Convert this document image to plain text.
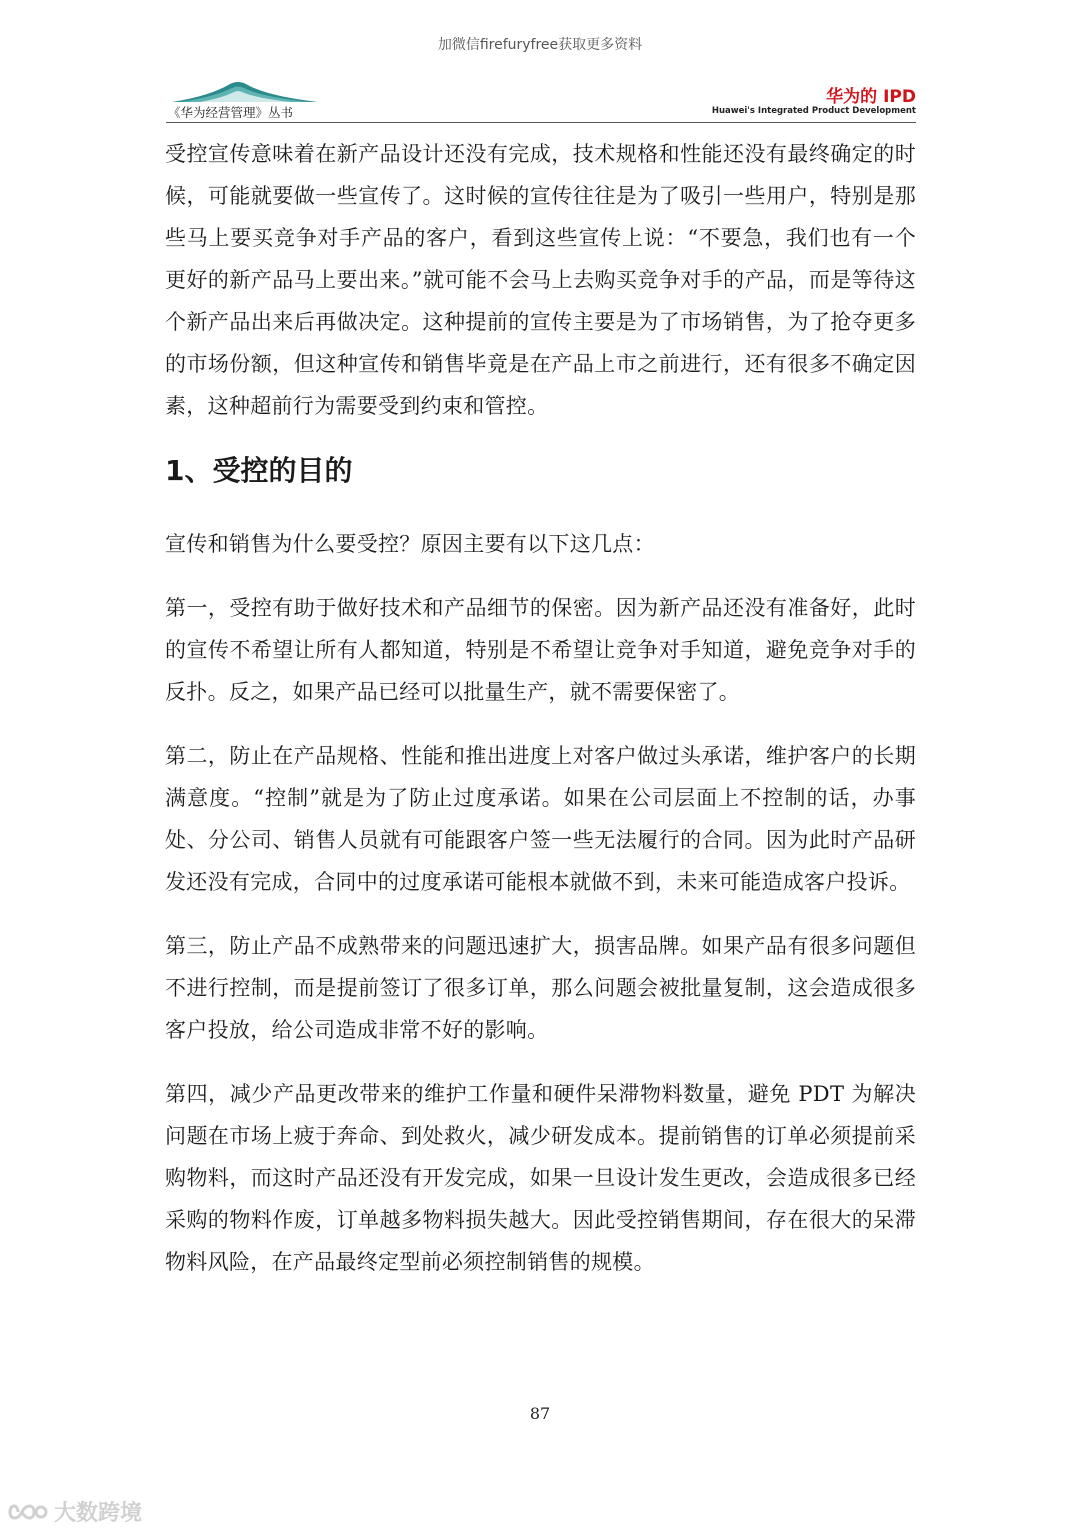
加微信firefuryfree获取更多资料
《华为经营管理》丛书
华为的 IPD
Huawei's Integrated Product Development

受控宣传意味着在新产品设计还没有完成，技术规格和性能还没有最终确定的时候，可能就要做一些宣传了。这时候的宣传往往是为了吸引一些用户，特别是那些马上要买竞争对手产品的客户，看到这些宣传上说：“不要急，我们也有一个更好的新产品马上要出来。”就可能不会马上去购买竞争对手的产品，而是等待这个新产品出来后再做决定。这种提前的宣传主要是为了市场销售，为了抢夺更多的市场份额，但这种宣传和销售毕竟是在产品上市之前进行，还有很多不确定因素，这种超前行为需要受到约束和管控。

1、受控的目的

宣传和销售为什么要受控？原因主要有以下这几点：

第一，受控有助于做好技术和产品细节的保密。因为新产品还没有准备好，此时的宣传不希望让所有人都知道，特别是不希望让竞争对手知道，避免竞争对手的反扑。反之，如果产品已经可以批量生产，就不需要保密了。

第二，防止在产品规格、性能和推出进度上对客户做过头承诺，维护客户的长期满意度。“控制”就是为了防止过度承诺。如果在公司层面上不控制的话，办事处、分公司、销售人员就有可能跟客户签一些无法履行的合同。因为此时产品研发还没有完成，合同中的过度承诺可能根本就做不到，未来可能造成客户投诉。

第三，防止产品不成熟带来的问题迅速扩大，损害品牌。如果产品有很多问题但不进行控制，而是提前签订了很多订单，那么问题会被批量复制，这会造成很多客户投放，给公司造成非常不好的影响。

第四，减少产品更改带来的维护工作量和硬件呆滞物料数量，避免 PDT 为解决问题在市场上疲于奔命、到处救火，减少研发成本。提前销售的订单必须提前采购物料，而这时产品还没有开发完成，如果一旦设计发生更改，会造成很多已经采购的物料作废，订单越多物料损失越大。因此受控销售期间，存在很大的呆滞物料风险，在产品最终定型前必须控制销售的规模。

87
大数跨境
